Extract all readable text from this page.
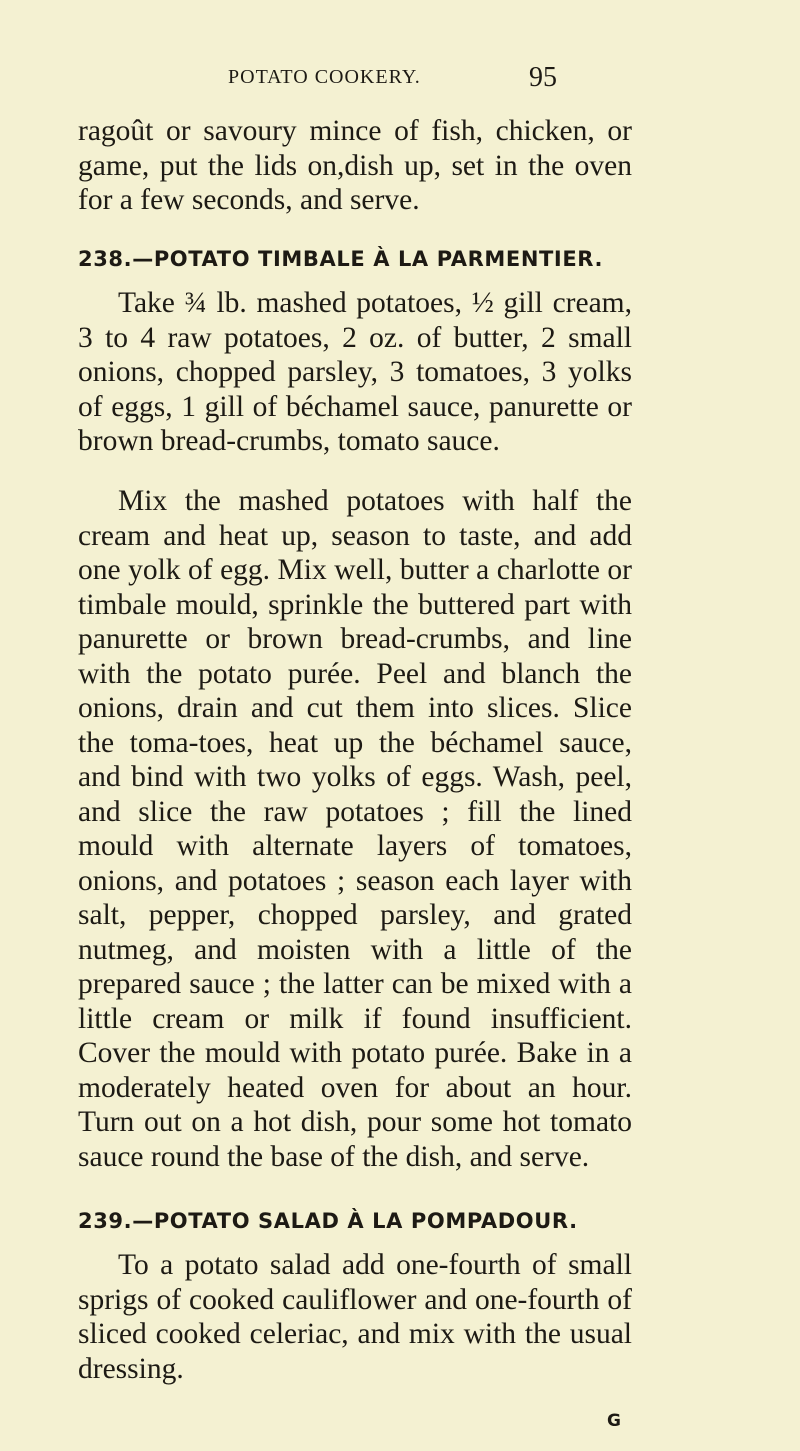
POTATO COOKERY.	95

ragoût or savoury mince of fish, chicken, or game, put the lids on,dish up, set in the oven for a few seconds, and serve.

238.—POTATO TIMBALE À LA PARMENTIER.

Take ¾ lb. mashed potatoes, ½ gill cream, 3 to 4 raw potatoes, 2 oz. of butter, 2 small onions, chopped parsley, 3 tomatoes, 3 yolks of eggs, 1 gill of béchamel sauce, panurette or brown bread-crumbs, tomato sauce.

Mix the mashed potatoes with half the cream and heat up, season to taste, and add one yolk of egg. Mix well, butter a charlotte or timbale mould, sprinkle the buttered part with panurette or brown bread-crumbs, and line with the potato purée. Peel and blanch the onions, drain and cut them into slices. Slice the toma-toes, heat up the béchamel sauce, and bind with two yolks of eggs. Wash, peel, and slice the raw potatoes ; fill the lined mould with alternate layers of tomatoes, onions, and potatoes ; season each layer with salt, pepper, chopped parsley, and grated nutmeg, and moisten with a little of the prepared sauce ; the latter can be mixed with a little cream or milk if found insufficient. Cover the mould with potato purée. Bake in a moderately heated oven for about an hour. Turn out on a hot dish, pour some hot tomato sauce round the base of the dish, and serve.

239.—POTATO SALAD À LA POMPADOUR.

To a potato salad add one-fourth of small sprigs of cooked cauliflower and one-fourth of sliced cooked celeriac, and mix with the usual dressing.

G
